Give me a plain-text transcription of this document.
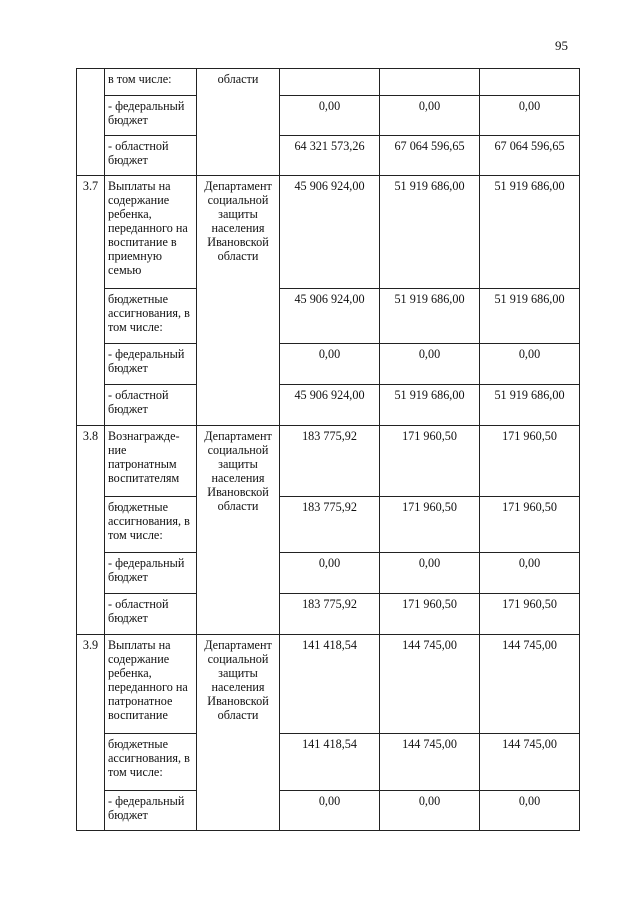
95
	в том числе:	области			
	- федеральный бюджет		0,00	0,00	0,00
	- областной бюджет		64 321 573,26	67 064 596,65	67 064 596,65
3.7	Выплаты на содержание ребенка, переданного на воспитание в приемную семью	Департамент социальной защиты населения Ивановской области	45 906 924,00	51 919 686,00	51 919 686,00
	бюджетные ассигнования, в том числе:		45 906 924,00	51 919 686,00	51 919 686,00
	- федеральный бюджет		0,00	0,00	0,00
	- областной бюджет		45 906 924,00	51 919 686,00	51 919 686,00
3.8	Вознагражде-ние патронатным воспитателям	Департамент социальной защиты населения Ивановской области	183 775,92	171 960,50	171 960,50
	бюджетные ассигнования, в том числе:		183 775,92	171 960,50	171 960,50
	- федеральный бюджет		0,00	0,00	0,00
	- областной бюджет		183 775,92	171 960,50	171 960,50
3.9	Выплаты на содержание ребенка, переданного на патронатное воспитание	Департамент социальной защиты населения Ивановской области	141 418,54	144 745,00	144 745,00
	бюджетные ассигнования, в том числе:		141 418,54	144 745,00	144 745,00
	- федеральный бюджет		0,00	0,00	0,00
